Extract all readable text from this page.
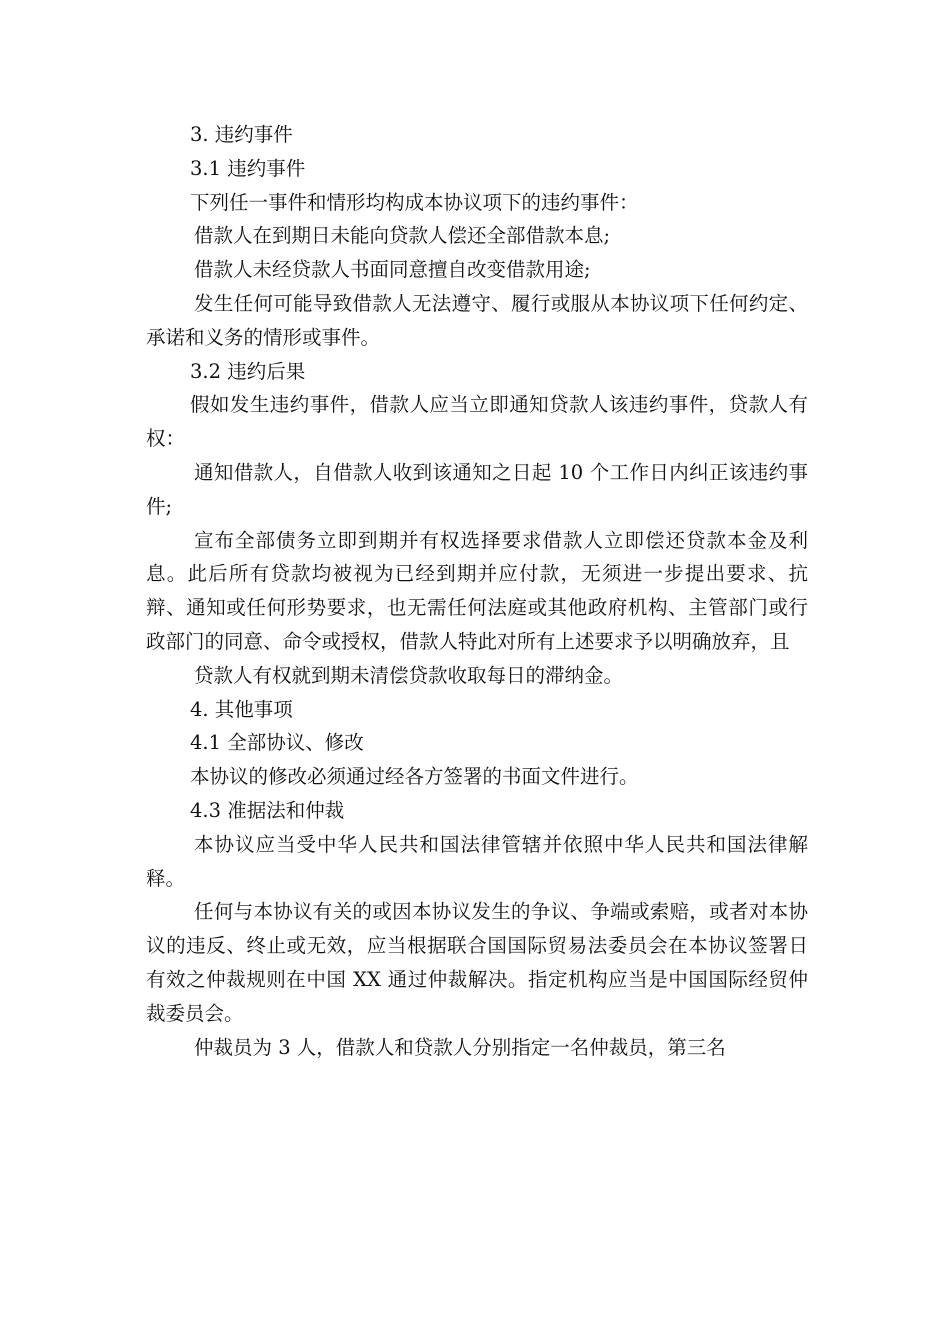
3. 违约事件

3.1 违约事件

下列任一事件和情形均构成本协议项下的违约事件：

借款人在到期日未能向贷款人偿还全部借款本息;

借款人未经贷款人书面同意擅自改变借款用途;

发生任何可能导致借款人无法遵守、履行或服从本协议项下任何约定、承诺和义务的情形或事件。

3.2 违约后果

假如发生违约事件，借款人应当立即通知贷款人该违约事件，贷款人有权：

通知借款人，自借款人收到该通知之日起 10 个工作日内纠正该违约事件;

宣布全部债务立即到期并有权选择要求借款人立即偿还贷款本金及利息。此后所有贷款均被视为已经到期并应付款，无须进一步提出要求、抗辩、通知或任何形势要求，也无需任何法庭或其他政府机构、主管部门或行政部门的同意、命令或授权，借款人特此对所有上述要求予以明确放弃，且

贷款人有权就到期未清偿贷款收取每日的滞纳金。

4. 其他事项

4.1 全部协议、修改

本协议的修改必须通过经各方签署的书面文件进行。

4.3 准据法和仲裁

本协议应当受中华人民共和国法律管辖并依照中华人民共和国法律解释。

任何与本协议有关的或因本协议发生的争议、争端或索赔，或者对本协议的违反、终止或无效，应当根据联合国国际贸易法委员会在本协议签署日有效之仲裁规则在中国 XX 通过仲裁解决。指定机构应当是中国国际经贸仲裁委员会。

仲裁员为 3 人，借款人和贷款人分别指定一名仲裁员，第三名
